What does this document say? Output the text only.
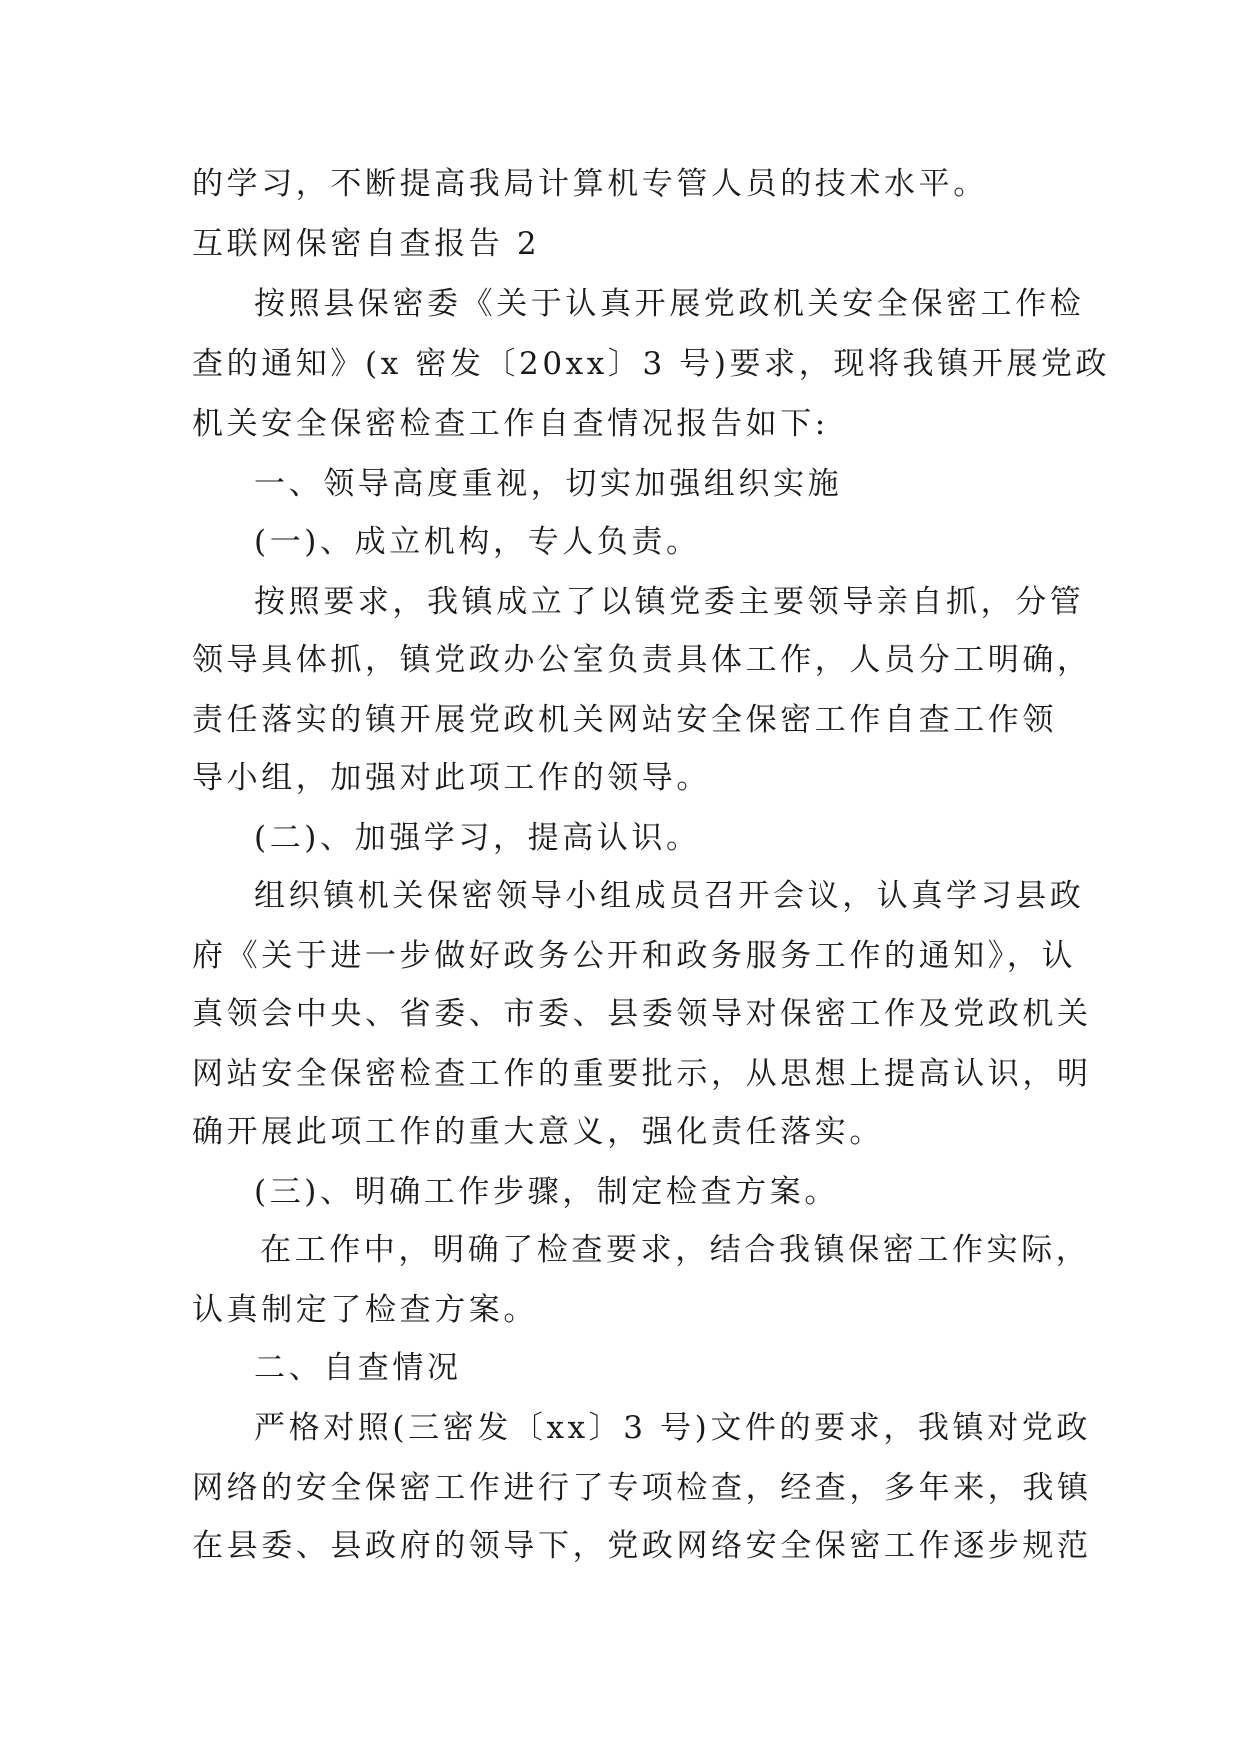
的学习，不断提高我局计算机专管人员的技术水平。
互联网保密自查报告 2
按照县保密委《关于认真开展党政机关安全保密工作检
查的通知》(x 密发〔20xx〕3 号)要求，现将我镇开展党政
机关安全保密检查工作自查情况报告如下:
一、领导高度重视，切实加强组织实施
(一)、成立机构，专人负责。
按照要求，我镇成立了以镇党委主要领导亲自抓，分管
领导具体抓，镇党政办公室负责具体工作，人员分工明确，
责任落实的镇开展党政机关网站安全保密工作自查工作领
导小组，加强对此项工作的领导。
(二)、加强学习，提高认识。
组织镇机关保密领导小组成员召开会议，认真学习县政
府《关于进一步做好政务公开和政务服务工作的通知》，认
真领会中央、省委、市委、县委领导对保密工作及党政机关
网站安全保密检查工作的重要批示，从思想上提高认识，明
确开展此项工作的重大意义，强化责任落实。
(三)、明确工作步骤，制定检查方案。
在工作中，明确了检查要求，结合我镇保密工作实际，
认真制定了检查方案。
二、自查情况
严格对照(三密发〔xx〕3 号)文件的要求，我镇对党政
网络的安全保密工作进行了专项检查，经查，多年来，我镇
在县委、县政府的领导下，党政网络安全保密工作逐步规范
